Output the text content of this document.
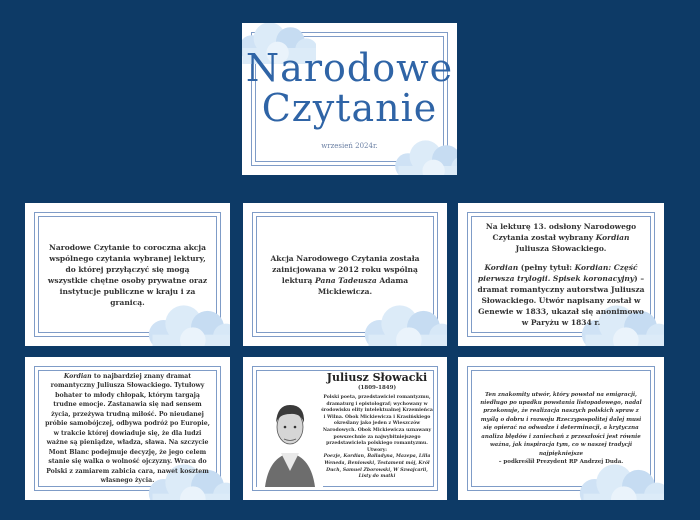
Narodowe
Czytanie
wrzesień 2024r.
Narodowe Czytanie to coroczna akcja wspólnego czytania wybranej lektury, do której przyłączyć się mogą wszystkie chętne osoby prywatne oraz instytucje publiczne w kraju i za granicą.
Akcja Narodowego Czytania została zainicjowana w 2012 roku wspólną lekturą Pana Tadeusza Adama Mickiewicza.
Na lekturę 13. odsłony Narodowego Czytania został wybrany Kordian Juliusza Słowackiego.
Kordian (pełny tytuł: Kordian: Część pierwsza trylogii. Spisek koronacyjny) – dramat romantyczny autorstwa Juliusza Słowackiego. Utwór napisany został w Genewie w 1833, ukazał się anonimowo w Paryżu w 1834 r.
Kordian to najbardziej znany dramat romantyczny Juliusza Słowackiego. Tytułowy bohater to młody chłopak, którym targają trudne emocje. Zastanawia się nad sensem życia, przeżywa trudną miłość. Po nieudanej próbie samobójczej, odbywa podróż po Europie, w trakcie której dowiaduje się, że dla ludzi ważne są pieniądze, władza, sława. Na szczycie Mont Blanc podejmuje decyzję, że jego celem stanie się walka o wolność ojczyzny. Wraca do Polski z zamiarem zabicia cara, nawet kosztem własnego życia.
Juliusz Słowacki
(1809-1849)
Polski poeta, przedstawiciel romantyzmu, dramaturg i epistolograf; wychowany w środowisku elity intelektualnej Krzemieńca i Wilna. Obok Mickiewicza i Krasińskiego określany jako jeden z Wieszczów Narodowych. Obok Mickiewicza uznawany powszechnie za najwybitniejszego przedstawiciela polskiego romantyzmu.
Utwory:
Poezje, Kordian, Balladyna, Mazepa, Lilla Weneda, Beniowski, Testament mój, Król Duch, Samuel Zborowski, W Szwajcarii, Listy do matki
Ten znakomity utwór, który powstał na emigracji, niedługo po upadku powstania listopadowego, nadal przekonuje, że realizacja naszych polskich spraw z myślą o dobru i rozwoju Rzeczypospolitej dalej musi się opierać na odwadze i determinacji, a krytyczna analiza błędów i zaniechań z przeszłości jest równie ważna, jak inspiracja tym, co w naszej tradycji najpiękniejsze
– podkreślił Prezydent RP Andrzej Duda.
